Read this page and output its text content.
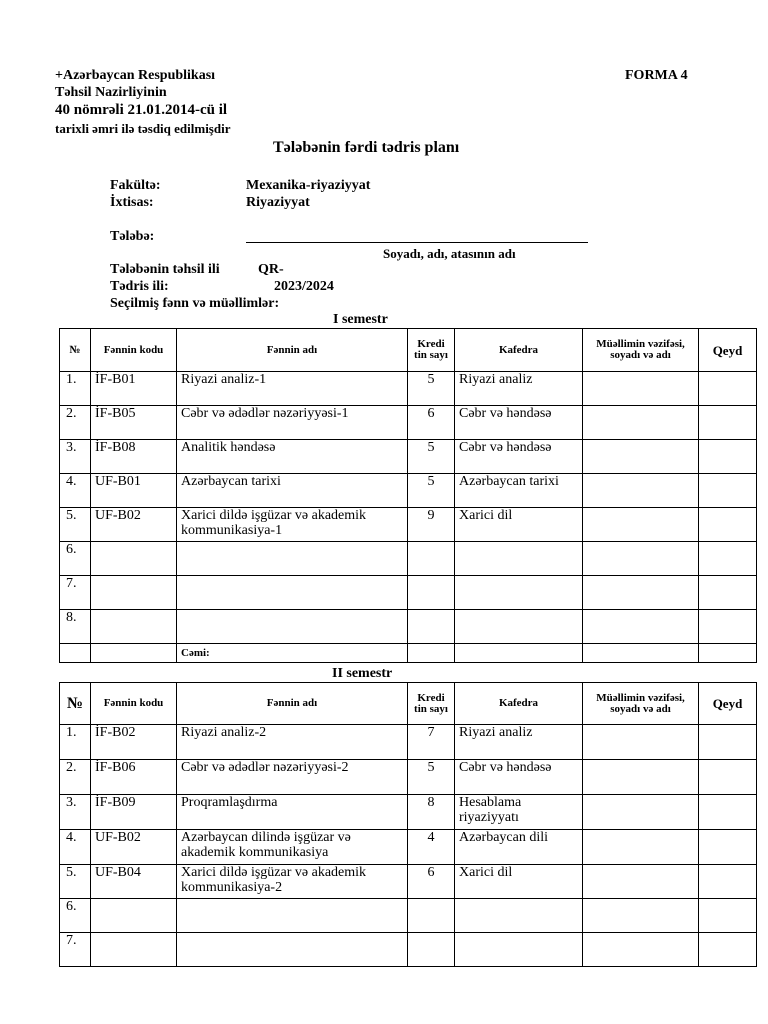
+Azərbaycan Respublikası
Təhsil Nazirliyinin
40 nömrəli 21.01.2014-cü il
tarixli əmri ilə təsdiq edilmişdir
FORMA 4
Tələbənin fərdi tədris planı
Fakültə:	Mexanika-riyaziyyat
İxtisas:	Riyaziyyat
Tələbə:
Soyadı, adı, atasının adı
Tələbənin təhsil ili	QR-
Tədris ili:	2023/2024
Seçilmiş fənn və müəllimlər:
I semestr
№	Fənnin kodu	Fənnin adı	Kredi tin sayı	Kafedra	Müəllimin vəzifəsi, soyadı və adı	Qeyd
1.	İF-B01	Riyazi analiz-1	5	Riyazi analiz		
2.	İF-B05	Cəbr və ədədlər nəzəriyyəsi-1	6	Cəbr və həndəsə		
3.	İF-B08	Analitik həndəsə	5	Cəbr və həndəsə		
4.	UF-B01	Azərbaycan tarixi	5	Azərbaycan tarixi		
5.	UF-B02	Xarici dildə işgüzar və akademik kommunikasiya-1	9	Xarici dil		
6.						
7.						
8.						
		Cəmi:				
II semestr
№	Fənnin kodu	Fənnin adı	Kredi tin sayı	Kafedra	Müəllimin vəzifəsi, soyadı və adı	Qeyd
1.	İF-B02	Riyazi analiz-2	7	Riyazi analiz		
2.	İF-B06	Cəbr və ədədlər nəzəriyyəsi-2	5	Cəbr və həndəsə		
3.	İF-B09	Proqramlaşdırma	8	Hesablama riyaziyyatı		
4.	UF-B02	Azərbaycan dilində işgüzar və akademik kommunikasiya	4	Azərbaycan dili		
5.	UF-B04	Xarici dildə işgüzar və akademik kommunikasiya-2	6	Xarici dil		
6.						
7.						
